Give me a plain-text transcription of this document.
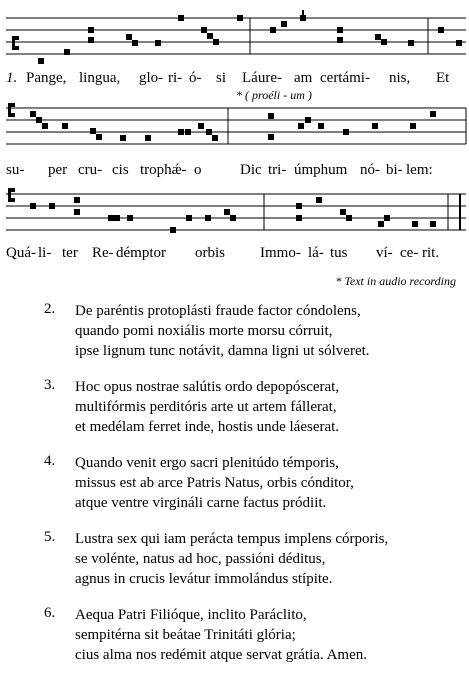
1. Pange, lingua, glo- ri- ó- si Láure- am certámi- nis, Et
* ( proéli - um )
su- per cru- cis trophǽ- o	Dic tri- úmphum nó- bi- lem:
Quá- li- ter Re- démptor orbis Immo- lá- tus ví- ce- rit.
* Text in audio recording
2. De paréntis protoplásti fraude factor cóndolens,
quando pomi noxiális morte morsu córruit,
ipse lignum tunc notávit, damna ligni ut sólveret.
3. Hoc opus nostrae salútis ordo depopóscerat,
multifórmis perditóris arte ut artem fállerat,
et medélam ferret inde, hostis unde láeserat.
4. Quando venit ergo sacri plenitúdo témporis,
missus est ab arce Patris Natus, orbis cónditor,
atque ventre virgináli carne factus pródiit.
5. Lustra sex qui iam perácta tempus implens córporis,
se volénte, natus ad hoc, passióni déditus,
agnus in crucis levátur immolándus stípite.
6. Aequa Patri Filióque, inclito Paráclito,
sempitérna sit beátae Trinitáti glória;
cius alma nos redémit atque servat grátia. Amen.
